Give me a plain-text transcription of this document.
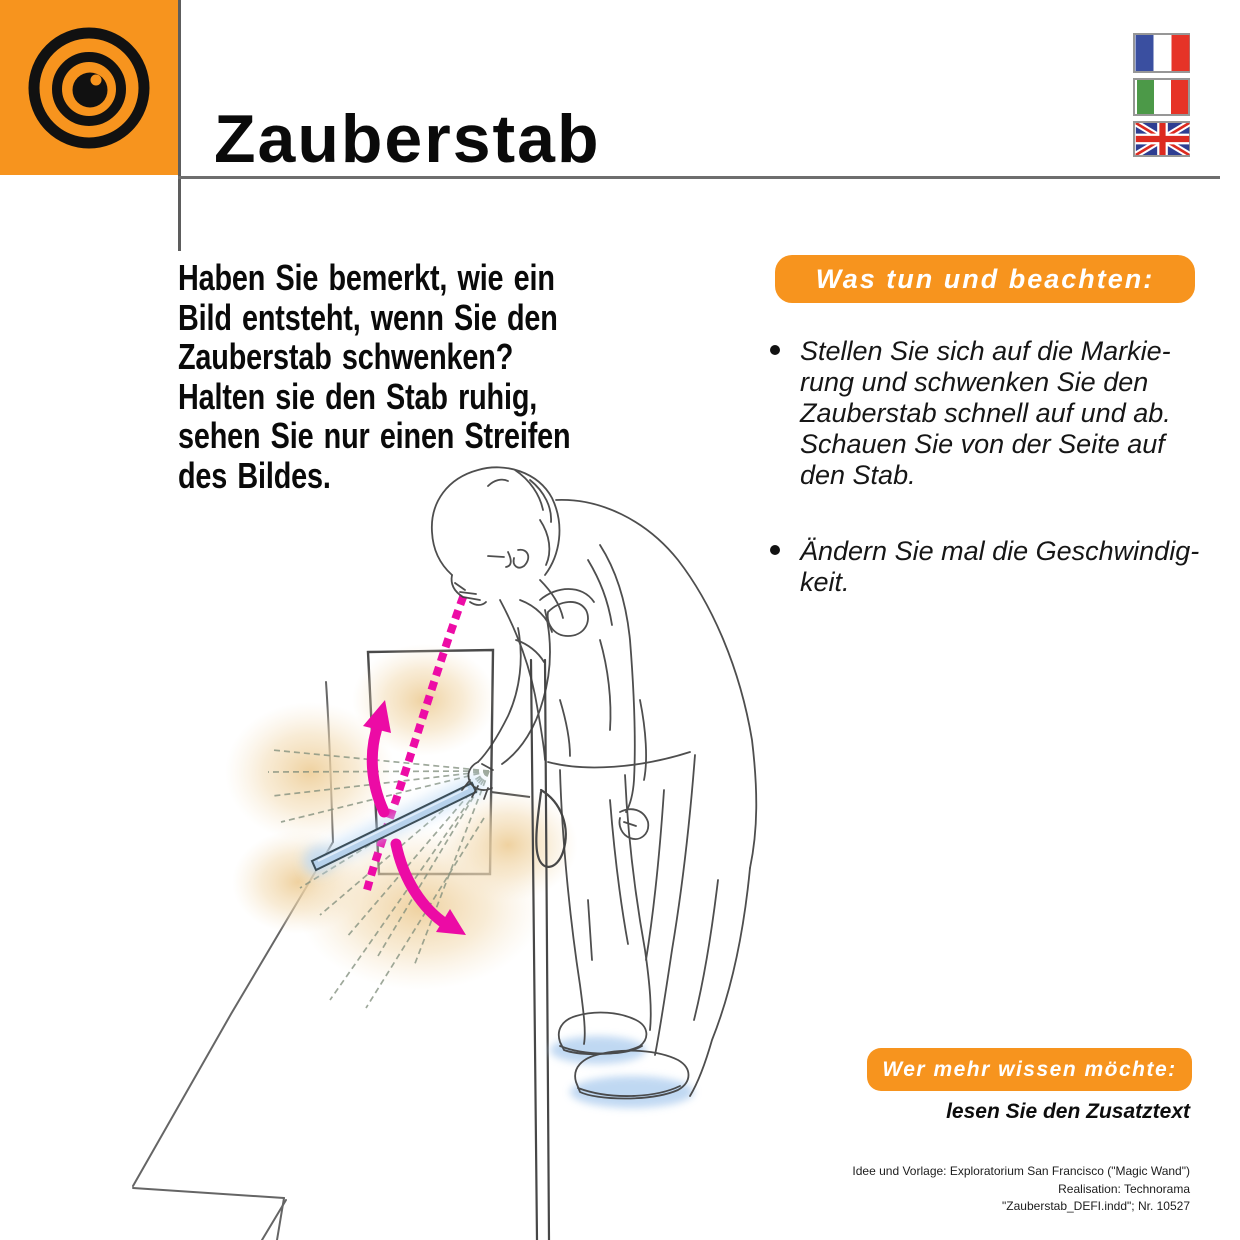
Zauberstab
Haben Sie bemerkt, wie ein
Bild entsteht, wenn Sie den
Zauberstab schwenken?
Halten sie den Stab ruhig,
sehen Sie nur einen Streifen
des Bildes.
Was tun und beachten:
Stellen Sie sich auf die Markie-
rung und schwenken Sie den
Zauberstab schnell auf und ab.
Schauen Sie von der Seite auf
den Stab.
Ändern Sie mal die Geschwindig-
keit.
Wer mehr wissen möchte:
lesen Sie den Zusatztext
Idee und Vorlage: Exploratorium San Francisco ("Magic Wand")
Realisation: Technorama
"Zauberstab_DEFI.indd"; Nr. 10527
